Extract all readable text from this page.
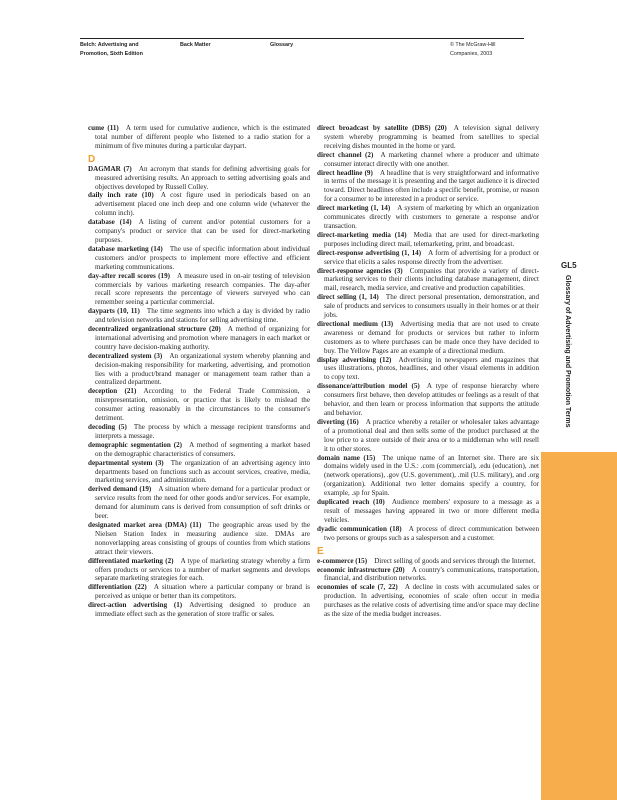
Belch: Advertising and Promotion, Sixth Edition
Back Matter	Glossary	© The McGraw-Hill Companies, 2003

cume (11)  A term used for cumulative audience, which is the estimated total number of different people who listened to a radio station for a minimum of five minutes during a particular daypart.

D

DAGMAR (7)  An acronym that stands for defining advertising goals for measured advertising results. An approach to setting advertising goals and objectives developed by Russell Colley.

daily inch rate (10)  A cost figure used in periodicals based on an advertisement placed one inch deep and one column wide (whatever the column inch).

database (14)  A listing of current and/or potential customers for a company's product or service that can be used for direct-marketing purposes.

database marketing (14)  The use of specific information about individual customers and/or prospects to implement more effective and efficient marketing communications.

day-after recall scores (19)  A measure used in on-air testing of television commercials by various marketing research companies. The day-after recall score represents the percentage of viewers surveyed who can remember seeing a particular commercial.

dayparts (10, 11)  The time segments into which a day is divided by radio and television networks and stations for selling advertising time.

decentralized organizational structure (20)  A method of organizing for international advertising and promotion where managers in each market or country have decision-making authority.

decentralized system (3)  An organizational system whereby planning and decision-making responsibility for marketing, advertising, and promotion lies with a product/brand manager or management team rather than a centralized department.

deception (21)  According to the Federal Trade Commission, a misrepresentation, omission, or practice that is likely to mislead the consumer acting reasonably in the circumstances to the consumer's detriment.

decoding (5)  The process by which a message recipient transforms and interprets a message.

demographic segmentation (2)  A method of segmenting a market based on the demographic characteristics of consumers.

departmental system (3)  The organization of an advertising agency into departments based on functions such as account services, creative, media, marketing services, and administration.

derived demand (19)  A situation where demand for a particular product or service results from the need for other goods and/or services. For example, demand for aluminum cans is derived from consumption of soft drinks or beer.

designated market area (DMA) (11)  The geographic areas used by the Nielsen Station Index in measuring audience size. DMAs are nonoverlapping areas consisting of groups of counties from which stations attract their viewers.

differentiated marketing (2)  A type of marketing strategy whereby a firm offers products or services to a number of market segments and develops separate marketing strategies for each.

differentiation (22)  A situation where a particular company or brand is perceived as unique or better than its competitors.

direct-action advertising (1)  Advertising designed to produce an immediate effect such as the generation of store traffic or sales.

direct broadcast by satellite (DBS) (20)  A television signal delivery system whereby programming is beamed from satellites to special receiving dishes mounted in the home or yard.

direct channel (2)  A marketing channel where a producer and ultimate consumer interact directly with one another.

direct headline (9)  A headline that is very straightforward and informative in terms of the message it is presenting and the target audience it is directed toward. Direct headlines often include a specific benefit, promise, or reason for a consumer to be interested in a product or service.

direct marketing (1, 14)  A system of marketing by which an organization communicates directly with customers to generate a response and/or transaction.

direct-marketing media (14)  Media that are used for direct-marketing purposes including direct mail, telemarketing, print, and broadcast.

direct-response advertising (1, 14)  A form of advertising for a product or service that elicits a sales response directly from the advertiser.

direct-response agencies (3)  Companies that provide a variety of direct-marketing services to their clients including database management, direct mail, research, media service, and creative and production capabilities.

direct selling (1, 14)  The direct personal presentation, demonstration, and sale of products and services to consumers usually in their homes or at their jobs.

directional medium (13)  Advertising media that are not used to create awareness or demand for products or services but rather to inform customers as to where purchases can be made once they have decided to buy. The Yellow Pages are an example of a directional medium.

display advertising (12)  Advertising in newspapers and magazines that uses illustrations, photos, headlines, and other visual elements in addition to copy text.

dissonance/attribution model (5)  A type of response hierarchy where consumers first behave, then develop attitudes or feelings as a result of that behavior, and then learn or process information that supports the attitude and behavior.

diverting (16)  A practice whereby a retailer or wholesaler takes advantage of a promotional deal and then sells some of the product purchased at the low price to a store outside of their area or to a middleman who will resell it to other stores.

domain name (15)  The unique name of an Internet site. There are six domains widely used in the U.S.: .com (commercial), .edu (education), .net (network operations), .gov (U.S. government), .mil (U.S. military), and .org (organization). Additional two letter domains specify a country, for example, .sp for Spain.

duplicated reach (10)  Audience members' exposure to a message as a result of messages having appeared in two or more different media vehicles.

dyadic communication (18)  A process of direct communication between two persons or groups such as a salesperson and a customer.

E

e-commerce (15)  Direct selling of goods and services through the Internet.

economic infrastructure (20)  A country's communications, transportation, financial, and distribution networks.

economies of scale (7, 22)  A decline in costs with accumulated sales or production. In advertising, economies of scale often occur in media purchases as the relative costs of advertising time and/or space may decline as the size of the media budget increases.

GL5
Glossary of Advertising and Promotion Terms
